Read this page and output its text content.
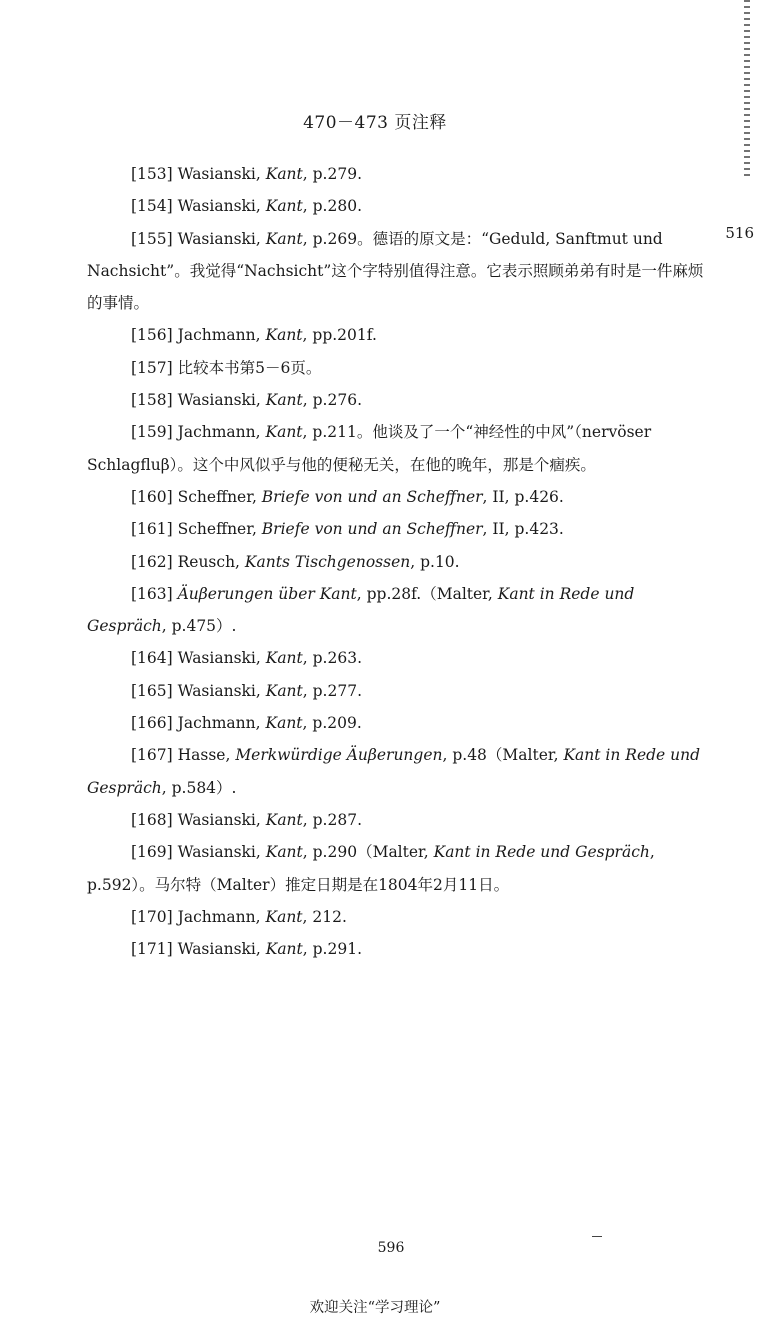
470－473 页注释
516

[153] Wasianski, Kant, p.279.

[154] Wasianski, Kant, p.280.

[155] Wasianski, Kant, p.269。德语的原文是：“Geduld, Sanftmut und Nachsicht”。我觉得“Nachsicht”这个字特别值得注意。它表示照顾弟弟有时是一件麻烦的事情。

[156] Jachmann, Kant, pp.201f.

[157] 比较本书第5－6页。

[158] Wasianski, Kant, p.276.

[159] Jachmann, Kant, p.211。他谈及了一个“神经性的中风”（nervöser Schlagfluβ）。这个中风似乎与他的便秘无关，在他的晚年，那是个痼疾。

[160] Scheffner, Briefe von und an Scheffner, II, p.426.

[161] Scheffner, Briefe von und an Scheffner, II, p.423.

[162] Reusch, Kants Tischgenossen, p.10.

[163] Äuβerungen über Kant, pp.28f.（Malter, Kant in Rede und Gespräch, p.475）.

[164] Wasianski, Kant, p.263.

[165] Wasianski, Kant, p.277.

[166] Jachmann, Kant, p.209.

[167] Hasse, Merkwürdige Äuβerungen, p.48（Malter, Kant in Rede und Gespräch, p.584）.

[168] Wasianski, Kant, p.287.

[169] Wasianski, Kant, p.290（Malter, Kant in Rede und Gespräch, p.592）。马尔特（Malter）推定日期是在1804年2月11日。

[170] Jachmann, Kant, 212.

[171] Wasianski, Kant, p.291.

596
欢迎关注“学习理论”
